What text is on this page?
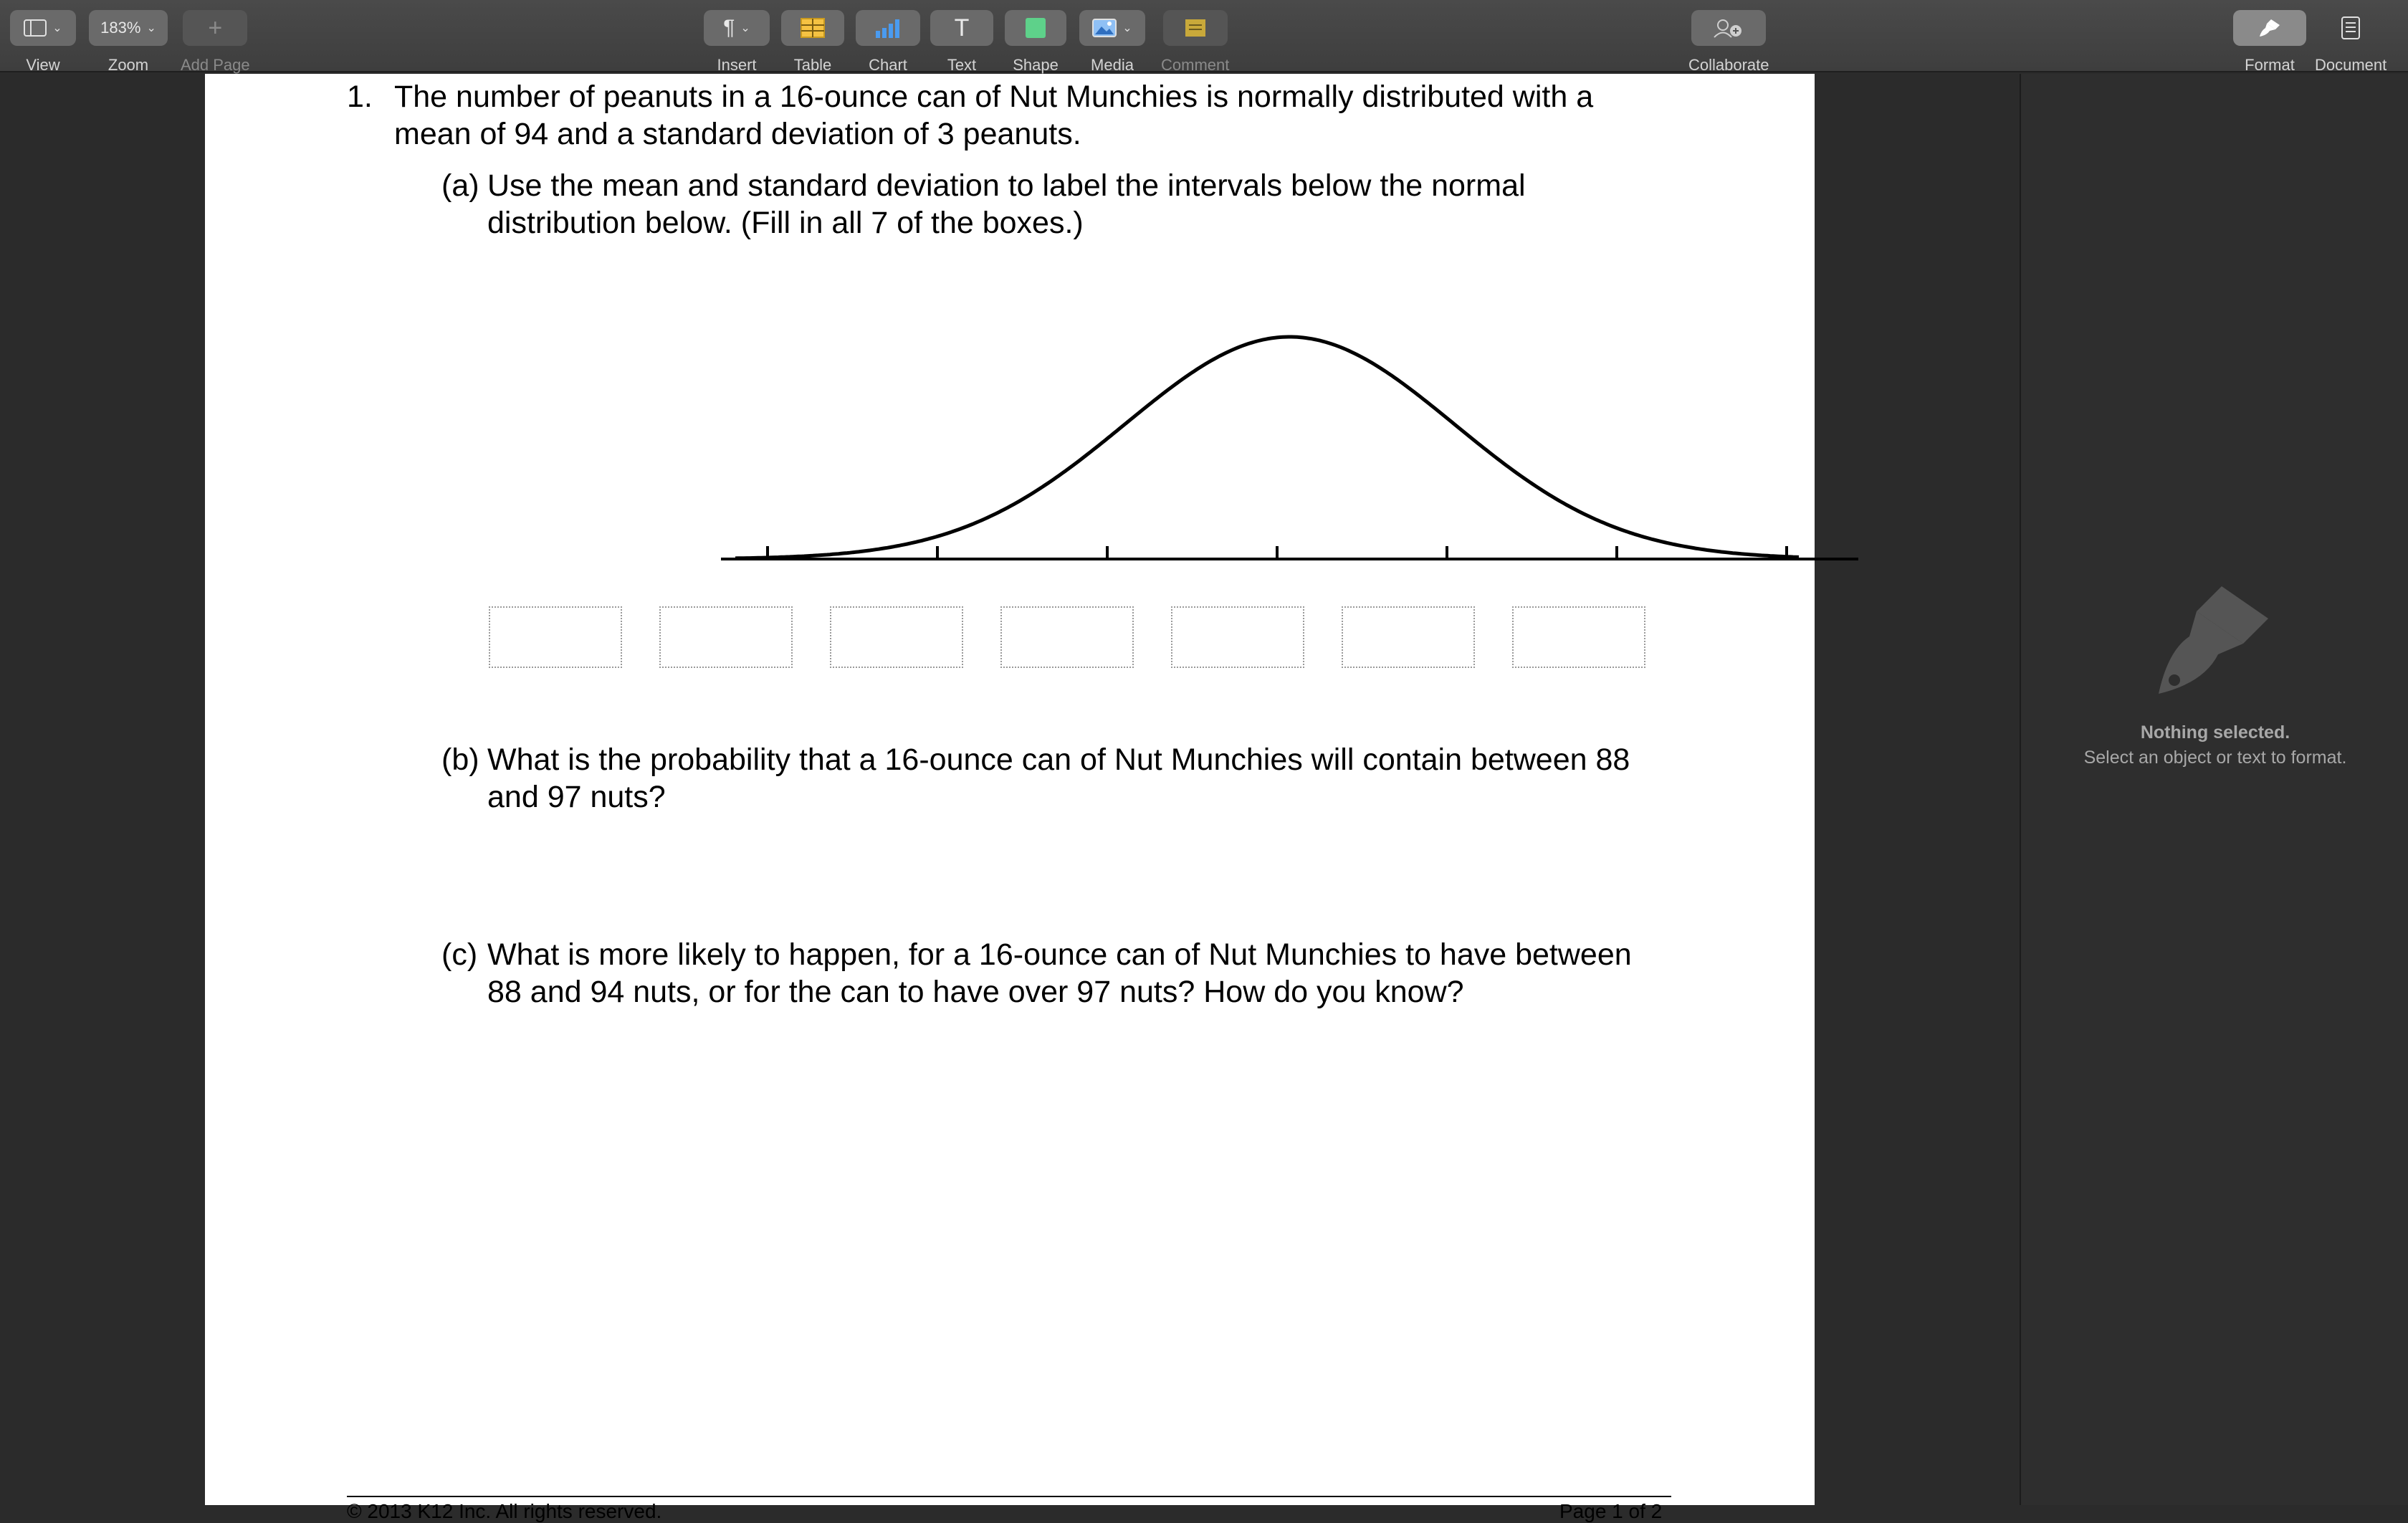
⌄
View
183% ⌄
Zoom
+
Add Page
¶ ⌄
Insert Table Chart
T
Text Shape
⌄
Media Comment	Collaborate	Format Document
1. The number of peanuts in a 16-ounce can of Nut Munchies is normally distributed with a
mean of 94 and a standard deviation of 3 peanuts.
(a) Use the mean and standard deviation to label the intervals below the normal
distribution below. (Fill in all 7 of the boxes.)
(b) What is the probability that a 16-ounce can of Nut Munchies will contain between 88
and 97 nuts?
(c) What is more likely to happen, for a 16-ounce can of Nut Munchies to have between
88 and 94 nuts, or for the can to have over 97 nuts? How do you know?
© 2013 K12 Inc. All rights reserved.	Page 1 of 2
Nothing selected.
Select an object or text to format.
